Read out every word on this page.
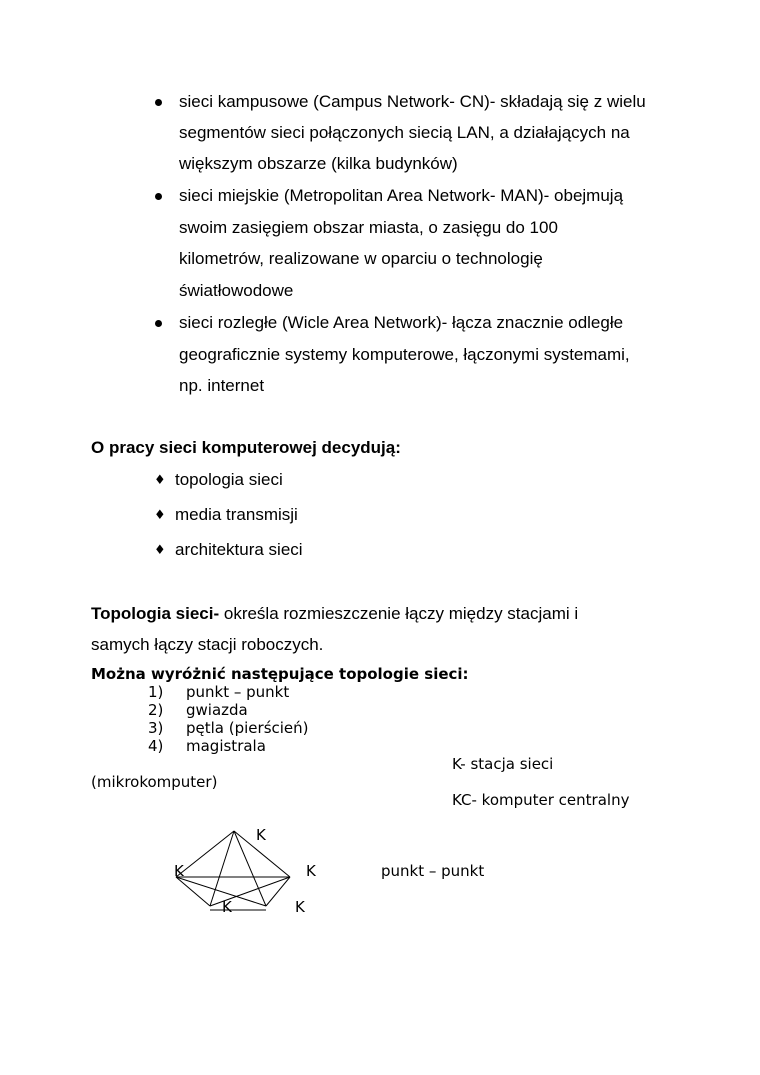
sieci kampusowe (Campus Network- CN)- składają się z wielu
segmentów sieci połączonych siecią LAN, a działających na
większym obszarze (kilka budynków)
sieci miejskie (Metropolitan Area Network- MAN)- obejmują
swoim zasięgiem obszar miasta, o zasięgu do 100
kilometrów, realizowane w oparciu o technologię
światłowodowe
sieci rozległe (Wicle Area Network)- łącza znacznie odległe
geograficznie systemy komputerowe, łączonymi systemami,
np. internet
O pracy sieci komputerowej decydują:
♦ topologia sieci
♦ media transmisji
♦ architektura sieci
Topologia sieci- określa rozmieszczenie łączy między stacjami i
samych łączy stacji roboczych.
Można wyróżnić następujące topologie sieci:
1) punkt – punkt
2) gwiazda
3) pętla (pierścień)
4) magistrala
K- stacja sieci
(mikrokomputer)
KC- komputer centralny
K
K	K
K	K
punkt – punkt
